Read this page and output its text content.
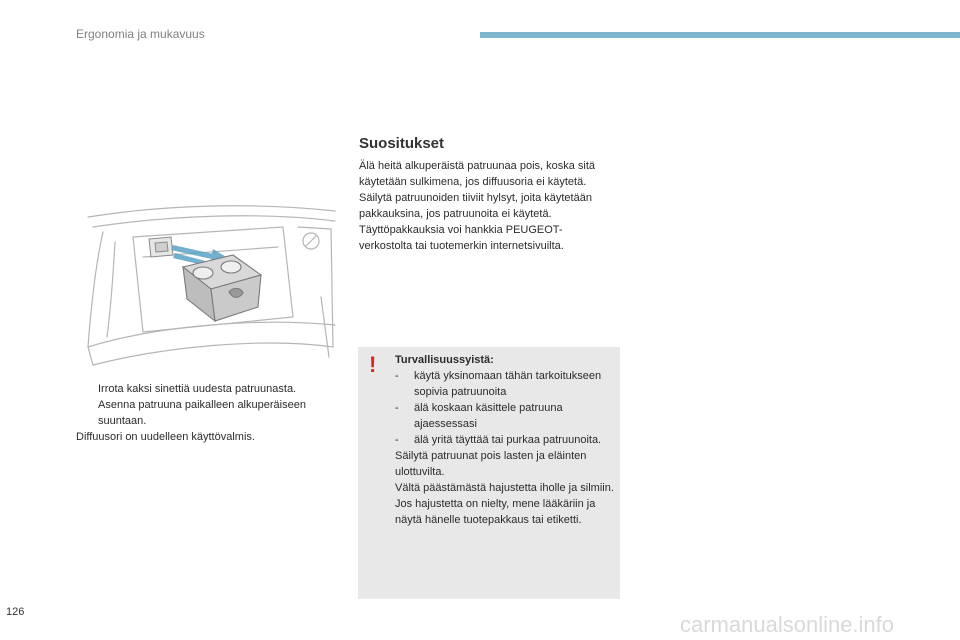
Ergonomia ja mukavuus
Irrota kaksi sinettiä uudesta patruunasta.
Asenna patruuna paikalleen alkuperäiseen suuntaan.
Diffuusori on uudelleen käyttövalmis.
Suositukset

Älä heitä alkuperäistä patruunaa pois, koska sitä käytetään sulkimena, jos diffuusoria ei käytetä.

Säilytä patruunoiden tiiviit hylsyt, joita käytetään pakkauksina, jos patruunoita ei käytetä.

Täyttöpakkauksia voi hankkia PEUGEOT-verkostolta tai tuotemerkin internetsivuilta.

! Turvallisuussyistä:
- käytä yksinomaan tähän tarkoitukseen sopivia patruunoita
- älä koskaan käsittele patruuna ajaessessasi
- älä yritä täyttää tai purkaa patruunoita.

Säilytä patruunat pois lasten ja eläinten ulottuvilta.

Vältä päästämästä hajustetta iholle ja silmiin.

Jos hajustetta on nielty, mene lääkäriin ja näytä hänelle tuotepakkaus tai etiketti.

126	carmanualsonline.info
